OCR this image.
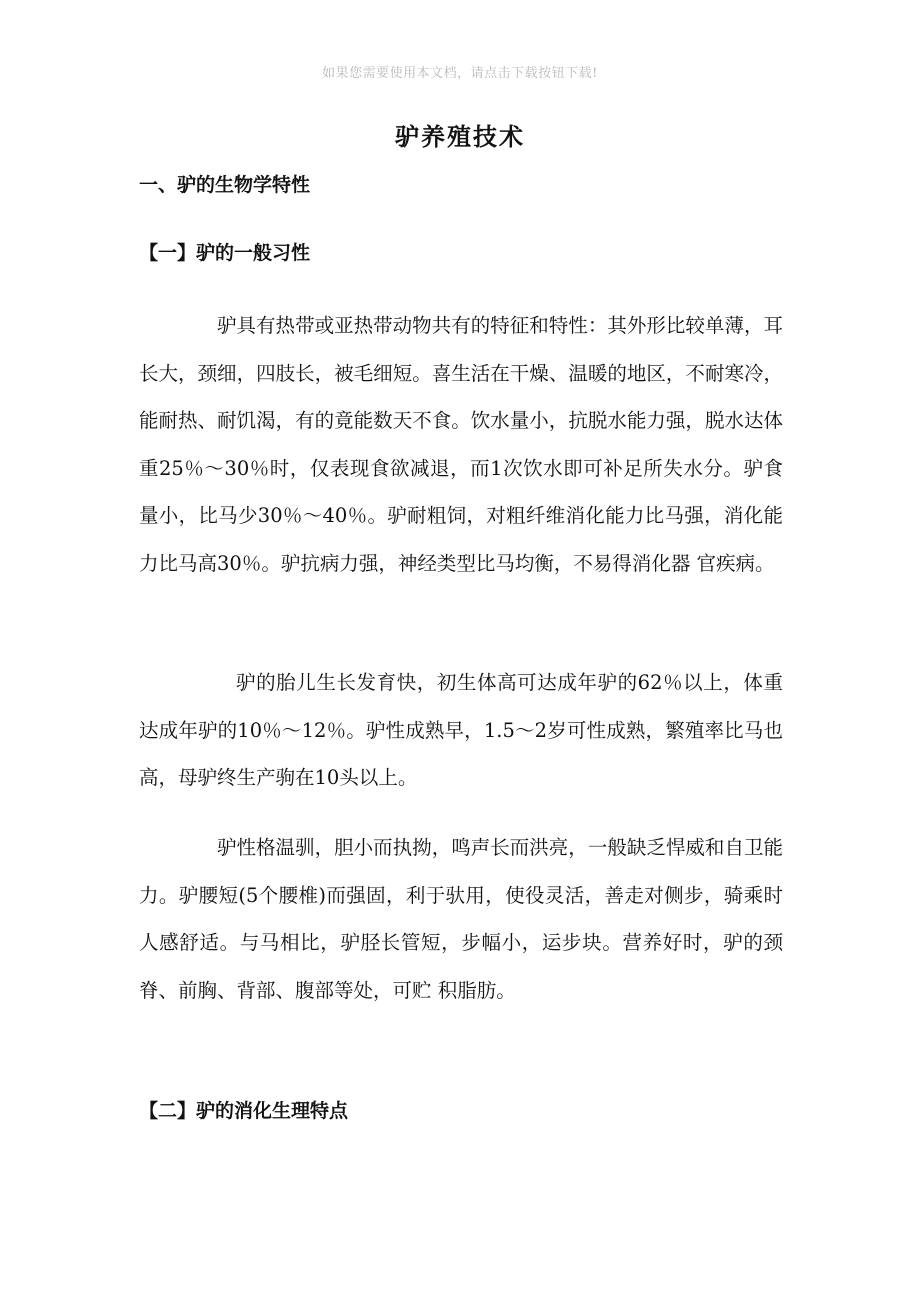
如果您需要使用本文档，请点击下载按钮下载!
驴养殖技术
一、驴的生物学特性
【一】驴的一般习性

驴具有热带或亚热带动物共有的特征和特性：其外形比较单薄，耳长大，颈细，四肢长，被毛细短。喜生活在干燥、温暖的地区，不耐寒冷，能耐热、耐饥渴，有的竟能数天不食。饮水量小，抗脱水能力强，脱水达体重25％～30％时，仅表现食欲减退，而1次饮水即可补足所失水分。驴食量小，比马少30％～40％。驴耐粗饲，对粗纤维消化能力比马强，消化能力比马高30％。驴抗病力强，神经类型比马均衡，不易得消化器 官疾病。

驴的胎儿生长发育快，初生体高可达成年驴的62％以上，体重达成年驴的10％～12％。驴性成熟早，1.5～2岁可性成熟，繁殖率比马也高，母驴终生产驹在10头以上。

驴性格温驯，胆小而执拗，鸣声长而洪亮，一般缺乏悍威和自卫能力。驴腰短(5个腰椎)而强固，利于驮用，使役灵活，善走对侧步，骑乘时人感舒适。与马相比，驴胫长管短，步幅小，运步块。营养好时，驴的颈脊、前胸、背部、腹部等处，可贮 积脂肪。

【二】驴的消化生理特点
